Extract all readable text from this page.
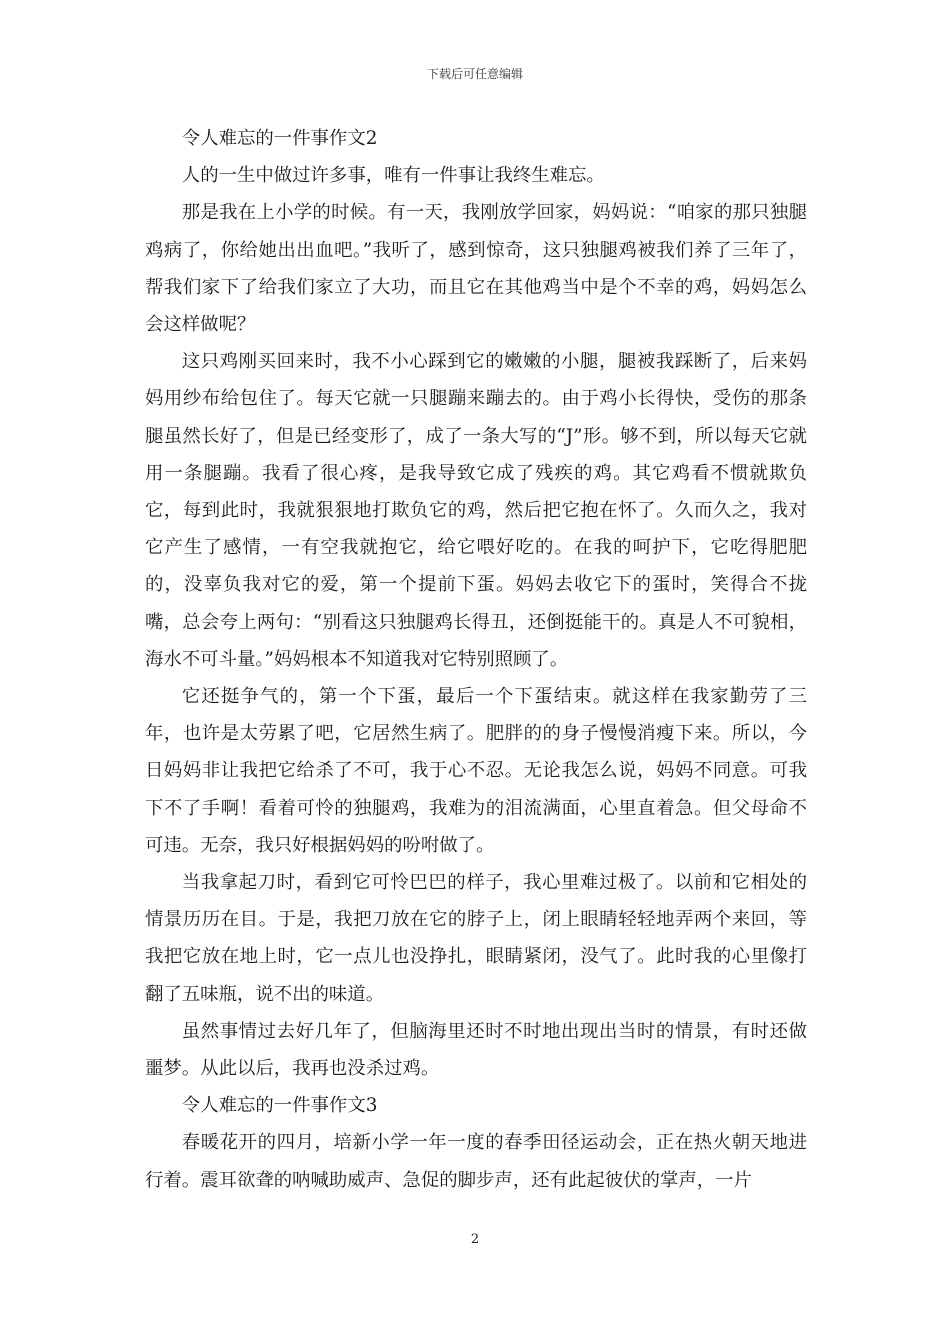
下载后可任意编辑

令人难忘的一件事作文2

人的一生中做过许多事，唯有一件事让我终生难忘。

那是我在上小学的时候。有一天，我刚放学回家，妈妈说：“咱家的那只独腿鸡病了，你给她出出血吧。”我听了，感到惊奇，这只独腿鸡被我们养了三年了，帮我们家下了给我们家立了大功，而且它在其他鸡当中是个不幸的鸡，妈妈怎么会这样做呢？

这只鸡刚买回来时，我不小心踩到它的嫩嫩的小腿，腿被我踩断了，后来妈妈用纱布给包住了。每天它就一只腿蹦来蹦去的。由于鸡小长得快，受伤的那条腿虽然长好了，但是已经变形了，成了一条大写的“J”形。够不到，所以每天它就用一条腿蹦。我看了很心疼，是我导致它成了残疾的鸡。其它鸡看不惯就欺负它，每到此时，我就狠狠地打欺负它的鸡，然后把它抱在怀了。久而久之，我对它产生了感情，一有空我就抱它，给它喂好吃的。在我的呵护下，它吃得肥肥的，没辜负我对它的爱，第一个提前下蛋。妈妈去收它下的蛋时，笑得合不拢嘴，总会夸上两句：“别看这只独腿鸡长得丑，还倒挺能干的。真是人不可貌相，海水不可斗量。”妈妈根本不知道我对它特别照顾了。

它还挺争气的，第一个下蛋，最后一个下蛋结束。就这样在我家勤劳了三年，也许是太劳累了吧，它居然生病了。肥胖的的身子慢慢消瘦下来。所以，今日妈妈非让我把它给杀了不可，我于心不忍。无论我怎么说，妈妈不同意。可我下不了手啊！看着可怜的独腿鸡，我难为的泪流满面，心里直着急。但父母命不可违。无奈，我只好根据妈妈的吩咐做了。

当我拿起刀时，看到它可怜巴巴的样子，我心里难过极了。以前和它相处的情景历历在目。于是，我把刀放在它的脖子上，闭上眼睛轻轻地弄两个来回，等我把它放在地上时，它一点儿也没挣扎，眼睛紧闭，没气了。此时我的心里像打翻了五味瓶，说不出的味道。

虽然事情过去好几年了，但脑海里还时不时地出现出当时的情景，有时还做噩梦。从此以后，我再也没杀过鸡。

令人难忘的一件事作文3

春暖花开的四月，培新小学一年一度的春季田径运动会，正在热火朝天地进行着。震耳欲聋的呐喊助威声、急促的脚步声，还有此起彼伏的掌声，一片

2
